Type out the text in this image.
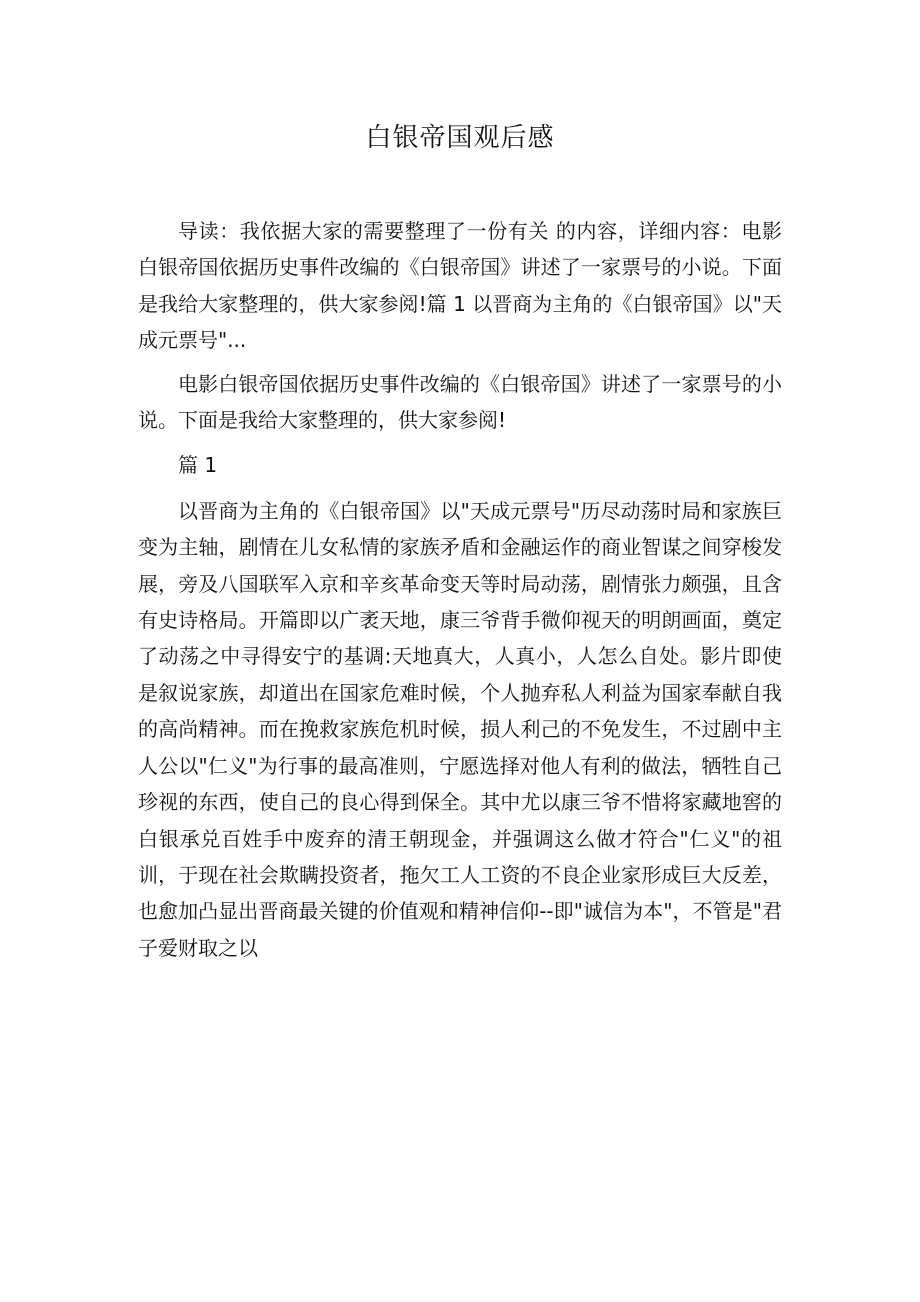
白银帝国观后感

导读：我依据大家的需要整理了一份有关 的内容，详细内容：电影白银帝国依据历史事件改编的《白银帝国》讲述了一家票号的小说。下面是我给大家整理的，供大家参阅!篇 1 以晋商为主角的《白银帝国》以"天成元票号"...

电影白银帝国依据历史事件改编的《白银帝国》讲述了一家票号的小说。下面是我给大家整理的，供大家参阅!

篇 1

以晋商为主角的《白银帝国》以"天成元票号"历尽动荡时局和家族巨变为主轴，剧情在儿女私情的家族矛盾和金融运作的商业智谋之间穿梭发展，旁及八国联军入京和辛亥革命变天等时局动荡，剧情张力颇强，且含有史诗格局。开篇即以广袤天地，康三爷背手微仰视天的明朗画面，奠定了动荡之中寻得安宁的基调:天地真大，人真小，人怎么自处。影片即使是叙说家族，却道出在国家危难时候，个人抛弃私人利益为国家奉献自我的高尚精神。而在挽救家族危机时候，损人利己的不免发生，不过剧中主人公以"仁义"为行事的最高准则，宁愿选择对他人有利的做法，牺牲自己珍视的东西，使自己的良心得到保全。其中尤以康三爷不惜将家藏地窖的白银承兑百姓手中废弃的清王朝现金，并强调这么做才符合"仁义"的祖训，于现在社会欺瞒投资者，拖欠工人工资的不良企业家形成巨大反差，也愈加凸显出晋商最关键的价值观和精神信仰--即"诚信为本"，不管是"君子爱财取之以
